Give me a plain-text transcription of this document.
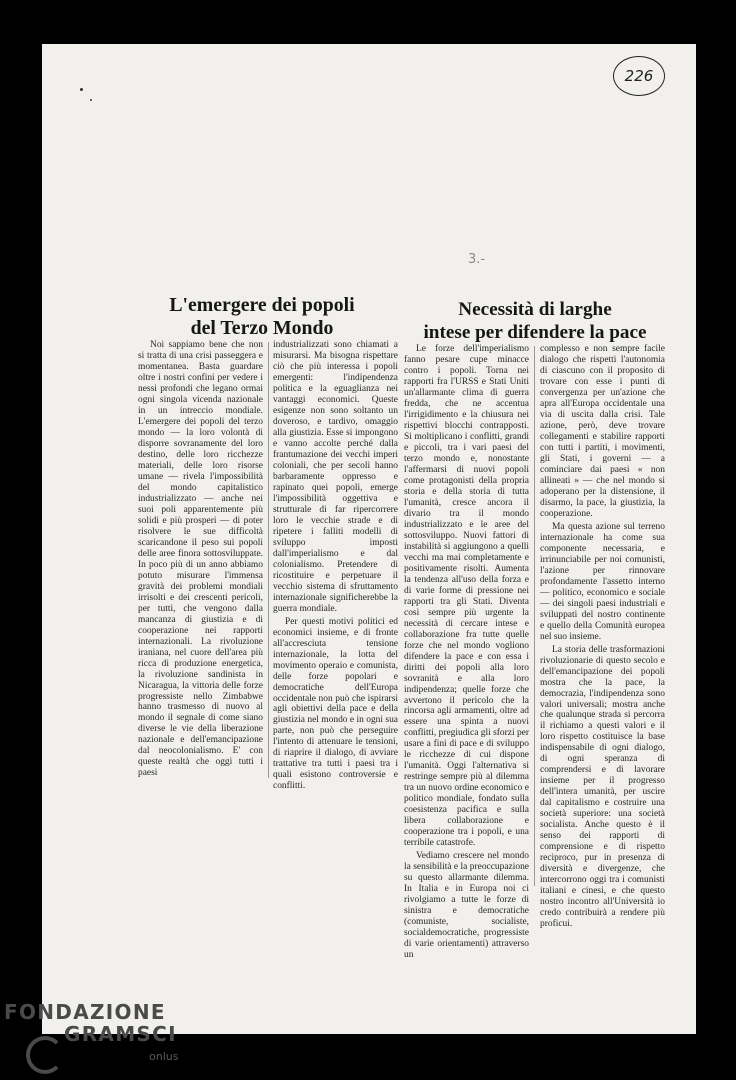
226
3.-
L'emergere dei popoli
del Terzo Mondo

Noi sappiamo bene che non si tratta di una crisi passeggera e momentanea. Basta guardare oltre i nostri confini per vedere i nessi profondi che legano ormai ogni singola vicenda nazionale in un intreccio mondiale. L'emergere dei popoli del terzo mondo — la loro volontà di disporre sovranamente del loro destino, delle loro ricchezze materiali, delle loro risorse umane — rivela l'impossibilità del mondo capitalistico industrializzato — anche nei suoi poli apparentemente più solidi e più prosperi — di poter risolvere le sue difficoltà scaricandone il peso sui popoli delle aree finora sottosviluppate. In poco più di un anno abbiamo potuto misurare l'immensa gravità dei problemi mondiali irrisolti e dei crescenti pericoli, per tutti, che vengono dalla mancanza di giustizia e di cooperazione nei rapporti internazionali. La rivoluzione iraniana, nel cuore dell'area più ricca di produzione energetica, la rivoluzione sandinista in Nicaragua, la vittoria delle forze progressiste nello Zimbabwe hanno trasmesso di nuovo al mondo il segnale di come siano diverse le vie della liberazione nazionale e dell'emancipazione dal neocolonialismo. E' con queste realtà che oggi tutti i paesi

industrializzati sono chiamati a misurarsi. Ma bisogna rispettare ciò che più interessa i popoli emergenti: l'indipendenza politica e la eguaglianza nei vantaggi economici. Queste esigenze non sono soltanto un doveroso, e tardivo, omaggio alla giustizia. Esse si impongono e vanno accolte perché dalla frantumazione dei vecchi imperi coloniali, che per secoli hanno barbaramente oppresso e rapinato quei popoli, emerge l'impossibilità oggettiva e strutturale di far ripercorrere loro le vecchie strade e di ripetere i falliti modelli di sviluppo imposti dall'imperialismo e dal colonialismo. Pretendere di ricostituire e perpetuare il vecchio sistema di sfruttamento internazionale significherebbe la guerra mondiale.

Per questi motivi politici ed economici insieme, e di fronte all'accresciuta tensione internazionale, la lotta del movimento operaio e comunista, delle forze popolari e democratiche dell'Europa occidentale non può che ispirarsi agli obiettivi della pace e della giustizia nel mondo e in ogni sua parte, non può che perseguire l'intento di attenuare le tensioni, di riaprire il dialogo, di avviare trattative tra tutti i paesi tra i quali esistono controversie e conflitti.

Necessità di larghe
intese per difendere la pace

Le forze dell'imperialismo fanno pesare cupe minacce contro i popoli. Torna nei rapporti fra l'URSS e Stati Uniti un'allarmante clima di guerra fredda, che ne accentua l'irrigidimento e la chiusura nei rispettivi blocchi contrapposti. Si moltiplicano i conflitti, grandi e piccoli, tra i vari paesi del terzo mondo e, nonostante l'affermarsi di nuovi popoli come protagonisti della propria storia e della storia di tutta l'umanità, cresce ancora il divario tra il mondo industrializzato e le aree del sottosviluppo. Nuovi fattori di instabilità si aggiungono a quelli vecchi ma mai completamente e positivamente risolti. Aumenta la tendenza all'uso della forza e di varie forme di pressione nei rapporti tra gli Stati. Diventa così sempre più urgente la necessità di cercare intese e collaborazione fra tutte quelle forze che nel mondo vogliono difendere la pace e con essa i diritti dei popoli alla loro sovranità e alla loro indipendenza; quelle forze che avvertono il pericolo che la rincorsa agli armamenti, oltre ad essere una spinta a nuovi conflitti, pregiudica gli sforzi per usare a fini di pace e di sviluppo le ricchezze di cui dispone l'umanità. Oggi l'alternativa si restringe sempre più al dilemma tra un nuovo ordine economico e politico mondiale, fondato sulla coesistenza pacifica e sulla libera collaborazione e cooperazione tra i popoli, e una terribile catastrofe.

Vediamo crescere nel mondo la sensibilità e la preoccupazione su questo allarmante dilemma. In Italia e in Europa noi ci rivolgiamo a tutte le forze di sinistra e democratiche (comuniste, socialiste, socialdemocratiche, progressiste di varie orientamenti) attraverso un

complesso e non sempre facile dialogo che rispetti l'autonomia di ciascuno con il proposito di trovare con esse i punti di convergenza per un'azione che apra all'Europa occidentale una via di uscita dalla crisi. Tale azione, però, deve trovare collegamenti e stabilire rapporti con tutti i partiti, i movimenti, gli Stati, i governi — a cominciare dai paesi « non allineati » — che nel mondo si adoperano per la distensione, il disarmo, la pace, la giustizia, la cooperazione.

Ma questa azione sul terreno internazionale ha come sua componente necessaria, e irrinunciabile per noi comunisti, l'azione per rinnovare profondamente l'assetto interno — politico, economico e sociale — dei singoli paesi industriali e sviluppati del nostro continente e quello della Comunità europea nel suo insieme.

La storia delle trasformazioni rivoluzionarie di questo secolo e dell'emancipazione dei popoli mostra che la pace, la democrazia, l'indipendenza sono valori universali; mostra anche che qualunque strada si percorra il richiamo a questi valori e il loro rispetto costituisce la base indispensabile di ogni dialogo, di ogni speranza di comprendersi e di lavorare insieme per il progresso dell'intera umanità, per uscire dal capitalismo e costruire una società superiore: una società socialista. Anche questo è il senso dei rapporti di comprensione e di rispetto reciproco, pur in presenza di diversità e divergenze, che intercorrono oggi tra i comunisti italiani e cinesi, e che questo nostro incontro all'Università io credo contribuirà a rendere più proficui.

FONDAZIONE
GRAMSCI
onlus
